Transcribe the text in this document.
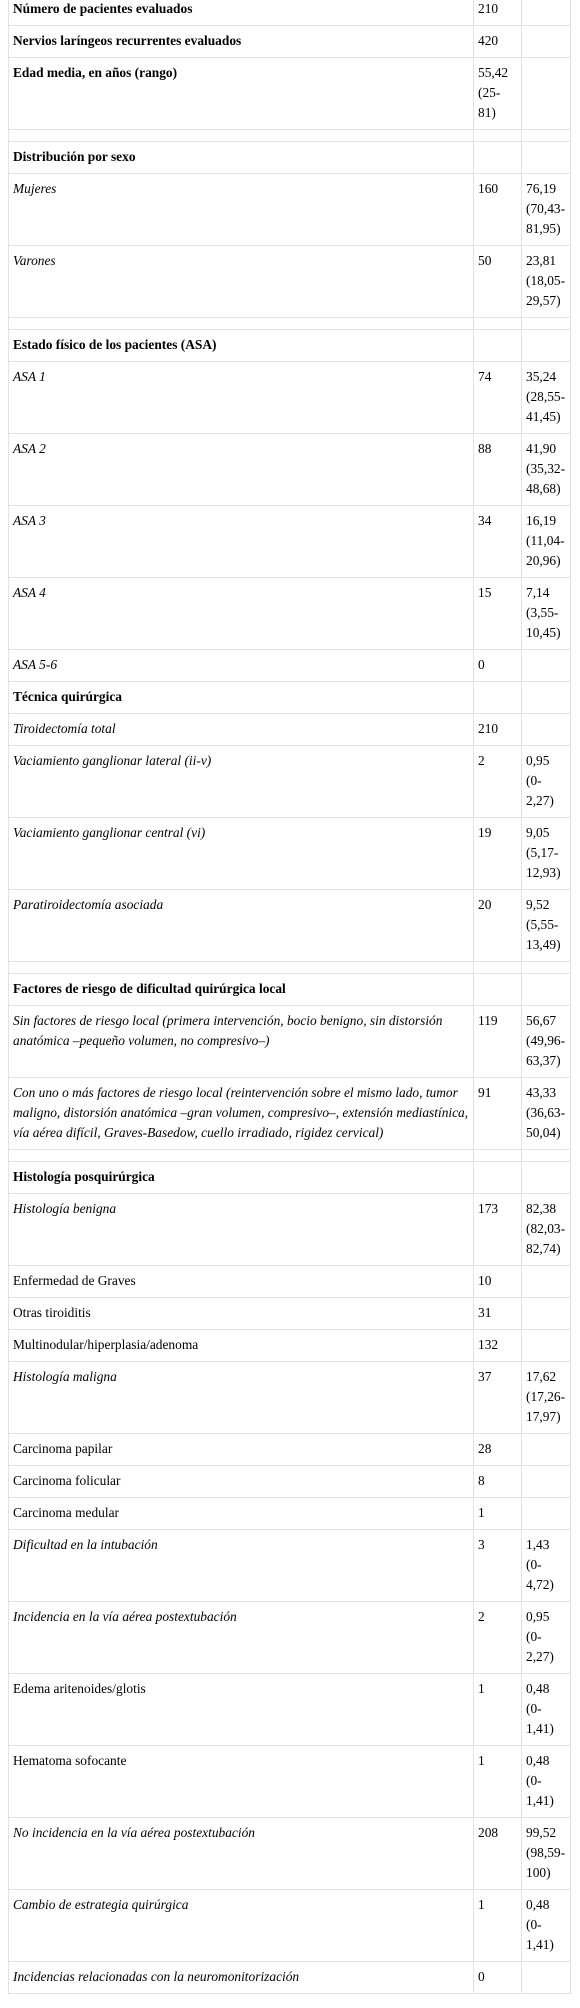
Número de pacientes evaluados	210	
Nervios laríngeos recurrentes evaluados	420	
Edad media, en años (rango)	55,42 (25-81)	

Distribución por sexo		
Mujeres	160	76,19 (70,43-81,95)
Varones	50	23,81 (18,05-29,57)

Estado físico de los pacientes (ASA)		
ASA 1	74	35,24 (28,55-41,45)
ASA 2	88	41,90 (35,32-48,68)
ASA 3	34	16,19 (11,04-20,96)
ASA 4	15	7,14 (3,55-10,45)
ASA 5-6	0	
Técnica quirúrgica		
Tiroidectomía total	210	
Vaciamiento ganglionar lateral (ii-v)	2	0,95 (0-2,27)
Vaciamiento ganglionar central (vi)	19	9,05 (5,17-12,93)
Paratiroidectomía asociada	20	9,52 (5,55-13,49)

Factores de riesgo de dificultad quirúrgica local		
Sin factores de riesgo local (primera intervención, bocio benigno, sin distorsión anatómica –pequeño volumen, no compresivo–)	119	56,67 (49,96-63,37)
Con uno o más factores de riesgo local (reintervención sobre el mismo lado, tumor maligno, distorsión anatómica –gran volumen, compresivo–, extensión mediastínica, vía aérea difícil, Graves-Basedow, cuello irradiado, rigidez cervical)	91	43,33 (36,63-50,04)

Histología posquirúrgica		
Histología benigna	173	82,38 (82,03-82,74)
Enfermedad de Graves	10	
Otras tiroiditis	31	
Multinodular/hiperplasia/adenoma	132	
Histología maligna	37	17,62 (17,26-17,97)
Carcinoma papilar	28	
Carcinoma folicular	8	
Carcinoma medular	1	
Dificultad en la intubación	3	1,43 (0-4,72)
Incidencia en la vía aérea postextubación	2	0,95 (0-2,27)
Edema aritenoides/glotis	1	0,48 (0-1,41)
Hematoma sofocante	1	0,48 (0-1,41)
No incidencia en la vía aérea postextubación	208	99,52 (98,59-100)
Cambio de estrategia quirúrgica	1	0,48 (0-1,41)
Incidencias relacionadas con la neuromonitorización	0	
